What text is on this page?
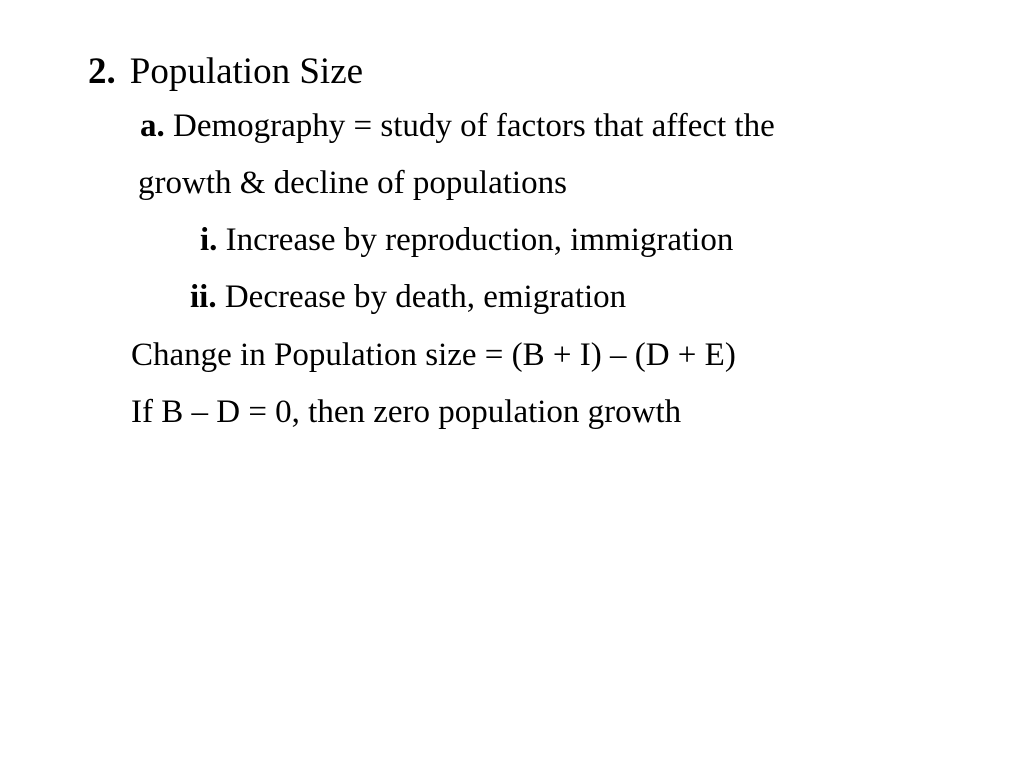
2. Population Size
a. Demography = study of factors that affect the
growth & decline of populations
i. Increase by reproduction, immigration
ii. Decrease by death, emigration
Change in Population size = (B + I) – (D + E)
If B – D = 0, then zero population growth
